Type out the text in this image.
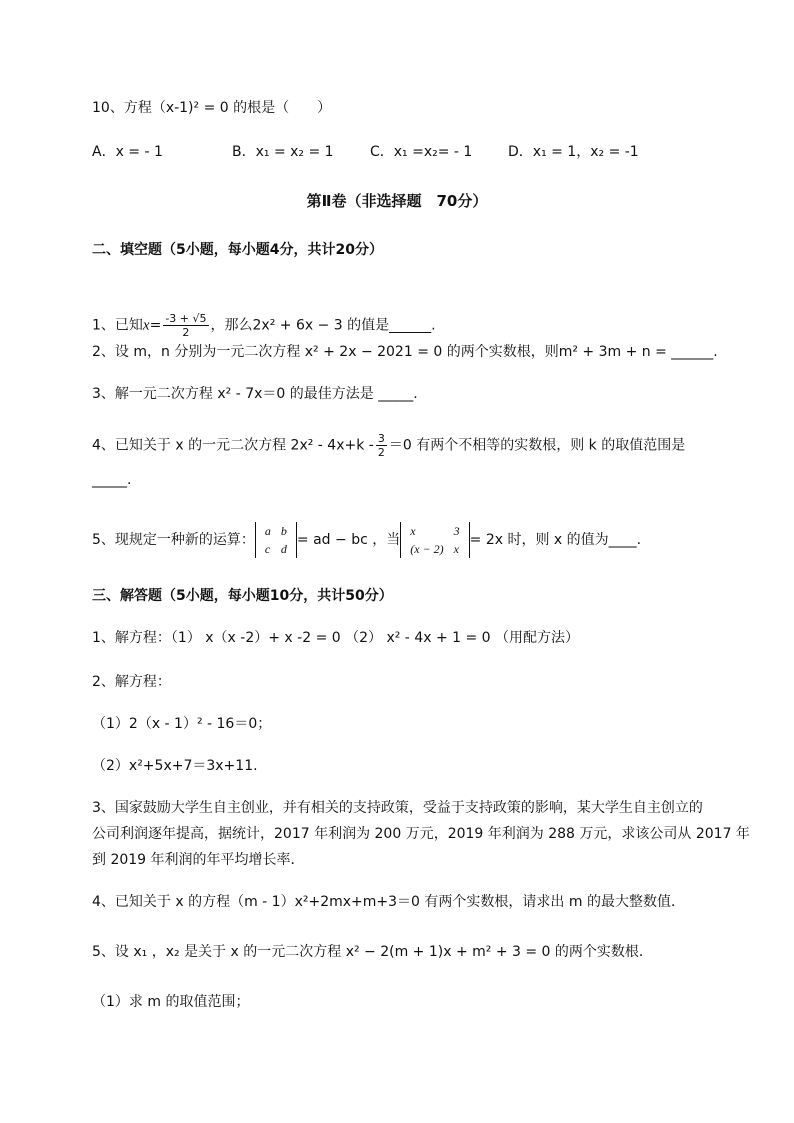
10、方程（x-1)² = 0 的根是（　　）
A．x = - 1	B．x₁ = x₂ = 1	C．x₁ =x₂= - 1	D．x₁ = 1，x₂ = -1
第Ⅱ卷（非选择题　70分）
二、填空题（5小题，每小题4分，共计20分）
1、已知$x= \frac{-3 + √5}{2}$ ，那么2x² + 6x − 3 的值是______.
2、设 m，n 分别为一元二次方程 x² + 2x − 2021 = 0 的两个实数根，则m² + 3m + n = ______.
3、解一元二次方程 x² - 7x＝0 的最佳方法是 _____.
4、已知关于 x 的一元二次方程 $2x^2 - 4x+k - \frac{3}{2} =0$ 有两个不相等的实数根，则 k 的取值范围是
_____.
5、现规定一种新的运算：
a	b
c	d
= ad − bc ，当
x	3
(x − 2)	x
= 2x 时，则 x 的值为____.
三、解答题（5小题，每小题10分，共计50分）
1、解方程：（1） x（x -2）+ x -2 = 0 （2） x² - 4x + 1 = 0 （用配方法）
2、解方程：
（1）2（x - 1）² - 16＝0；
（2）x²+5x+7＝3x+11.
3、国家鼓励大学生自主创业，并有相关的支持政策，受益于支持政策的影响，某大学生自主创立的
公司利润逐年提高，据统计，2017 年利润为 200 万元，2019 年利润为 288 万元，求该公司从 2017 年
到 2019 年利润的年平均增长率．
4、已知关于 x 的方程（m - 1）x²+2mx+m+3＝0 有两个实数根，请求出 m 的最大整数值．
5、设 x₁ ，x₂ 是关于 x 的一元二次方程 x² − 2(m + 1)x + m² + 3 = 0 的两个实数根．
（1）求 m 的取值范围；
